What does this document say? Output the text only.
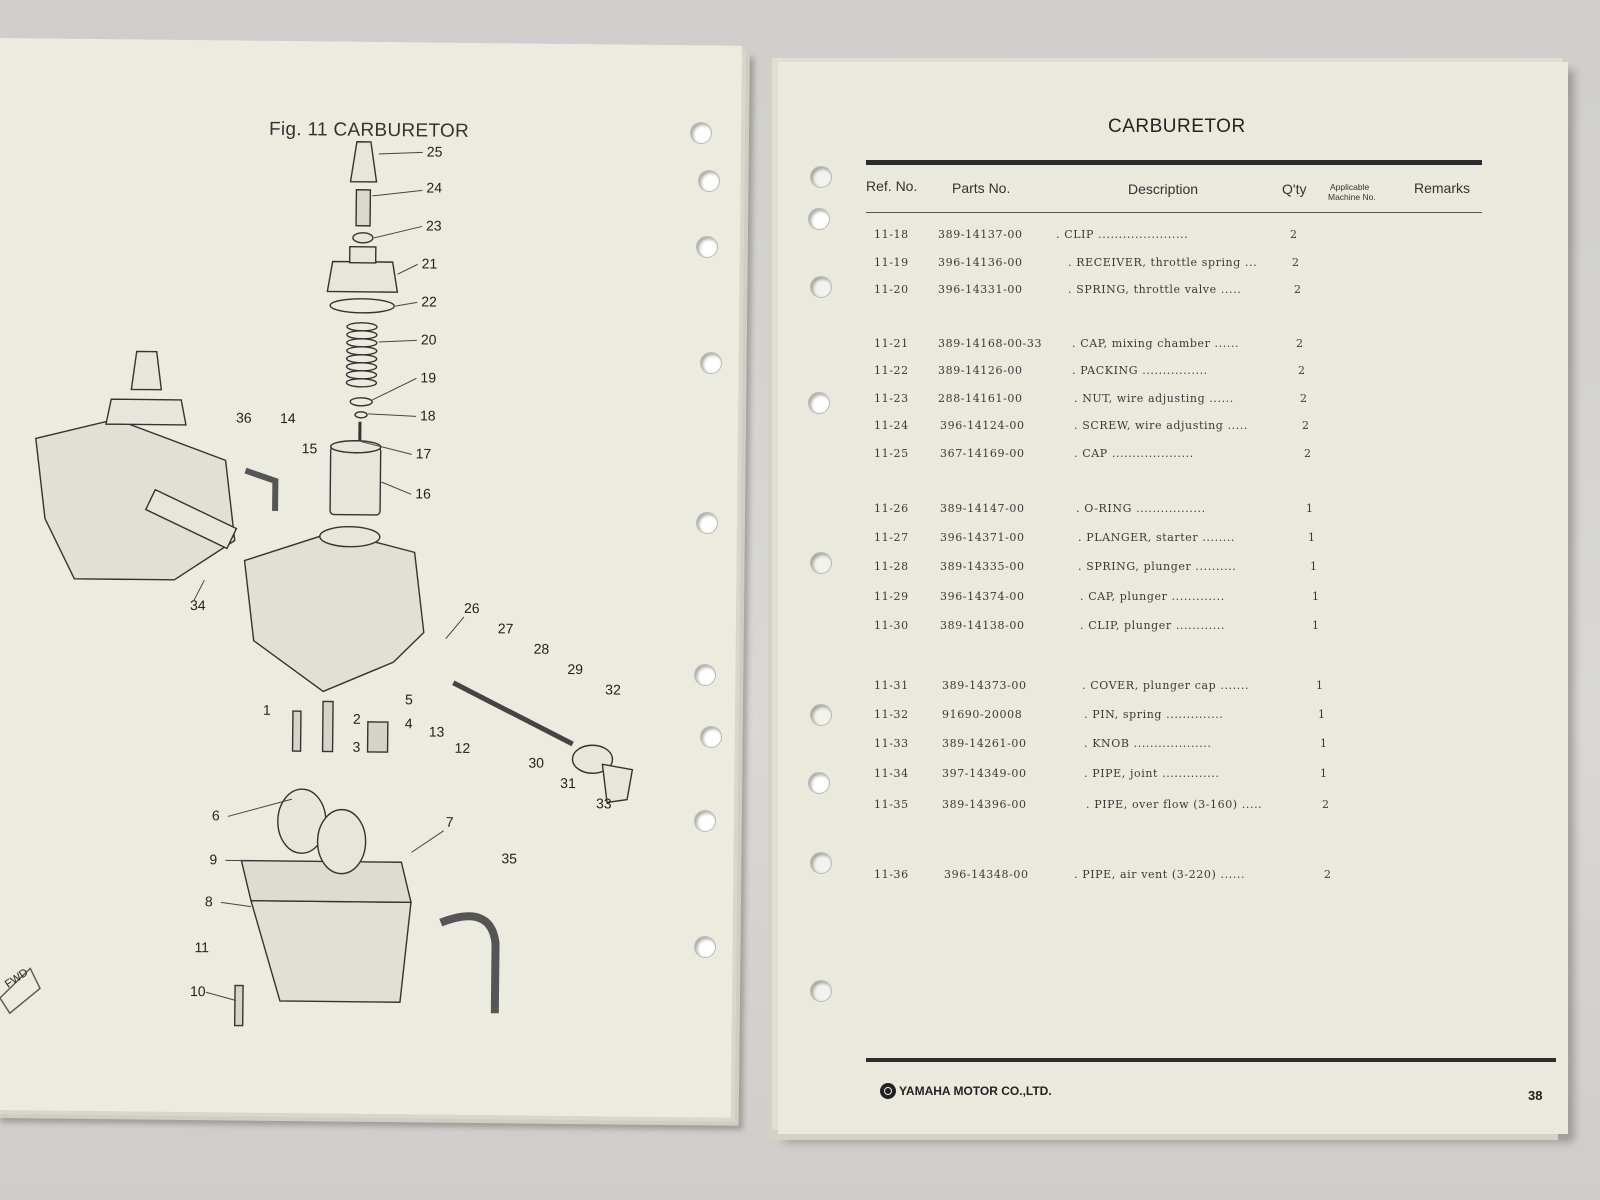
Fig. 11 CARBURETOR
25
24
23
21
22
20
19
18
17
16
36 14
15
34	26
27
28
29
32
1
2
3
4
5
13
12
30
31
33
6	7
9	35
8
11
10
FWD
CARBURETOR
Ref. No. Parts No.	Description	Q'ty	Applicable
Machine No.
Remarks
11-18	389-14137-00	. CLIP ......................	2
11-19	396-14136-00	. RECEIVER, throttle spring ...	2
11-20	396-14331-00	. SPRING, throttle valve .....	2
11-21	389-14168-00-33	. CAP, mixing chamber ......	2
11-22	389-14126-00	. PACKING ................	2
11-23	288-14161-00	. NUT, wire adjusting ......	2
11-24	396-14124-00	. SCREW, wire adjusting .....	2
11-25	367-14169-00	. CAP ....................	2
11-26	389-14147-00	. O-RING .................	1
11-27	396-14371-00	. PLANGER, starter ........	1
11-28	389-14335-00	. SPRING, plunger ..........	1
11-29	396-14374-00	. CAP, plunger .............	1
11-30	389-14138-00	. CLIP, plunger ............	1
11-31	389-14373-00	. COVER, plunger cap .......	1
11-32	91690-20008	. PIN, spring ..............	1
11-33	389-14261-00	. KNOB ...................	1
11-34	397-14349-00	. PIPE, joint ..............	1
11-35	389-14396-00	. PIPE, over flow (3-160) .....	2
11-36	396-14348-00	. PIPE, air vent (3-220) ......	2
YAMAHA MOTOR CO.,LTD.	38
